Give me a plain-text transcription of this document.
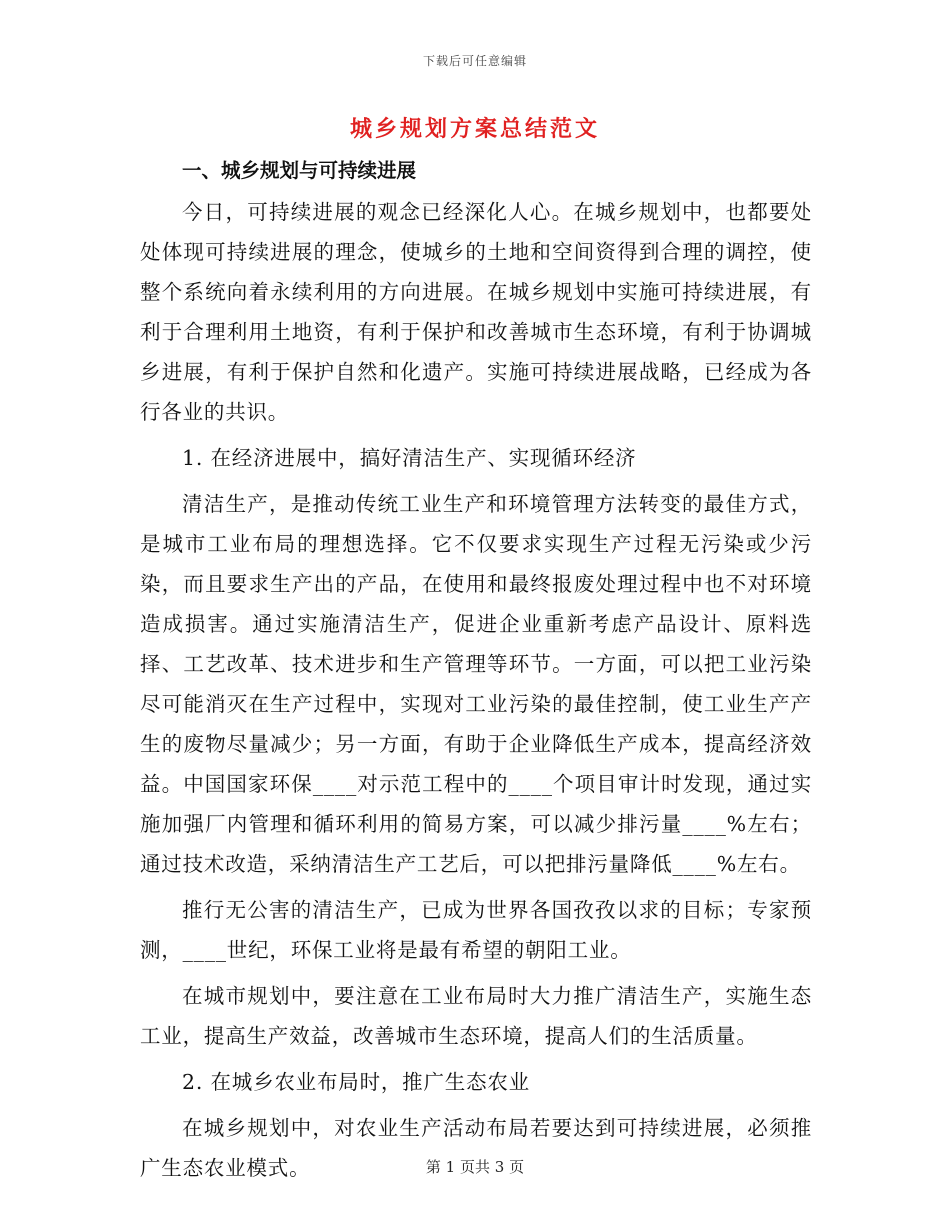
下载后可任意编辑
城乡规划方案总结范文
一、城乡规划与可持续进展

今日，可持续进展的观念已经深化人心。在城乡规划中，也都要处处体现可持续进展的理念，使城乡的土地和空间资得到合理的调控，使整个系统向着永续利用的方向进展。在城乡规划中实施可持续进展，有利于合理利用土地资，有利于保护和改善城市生态环境，有利于协调城乡进展，有利于保护自然和化遗产。实施可持续进展战略，已经成为各行各业的共识。

1. 在经济进展中，搞好清洁生产、实现循环经济

清洁生产，是推动传统工业生产和环境管理方法转变的最佳方式，是城市工业布局的理想选择。它不仅要求实现生产过程无污染或少污染，而且要求生产出的产品，在使用和最终报废处理过程中也不对环境造成损害。通过实施清洁生产，促进企业重新考虑产品设计、原料选择、工艺改革、技术进步和生产管理等环节。一方面，可以把工业污染尽可能消灭在生产过程中，实现对工业污染的最佳控制，使工业生产产生的废物尽量减少；另一方面，有助于企业降低生产成本，提高经济效益。中国国家环保____对示范工程中的____个项目审计时发现，通过实施加强厂内管理和循环利用的简易方案，可以减少排污量____%左右；通过技术改造，采纳清洁生产工艺后，可以把排污量降低____%左右。

推行无公害的清洁生产，已成为世界各国孜孜以求的目标；专家预测，____世纪，环保工业将是最有希望的朝阳工业。

在城市规划中，要注意在工业布局时大力推广清洁生产，实施生态工业，提高生产效益，改善城市生态环境，提高人们的生活质量。

2. 在城乡农业布局时，推广生态农业

在城乡规划中，对农业生产活动布局若要达到可持续进展，必须推广生态农业模式。	第 1 页共 3 页
